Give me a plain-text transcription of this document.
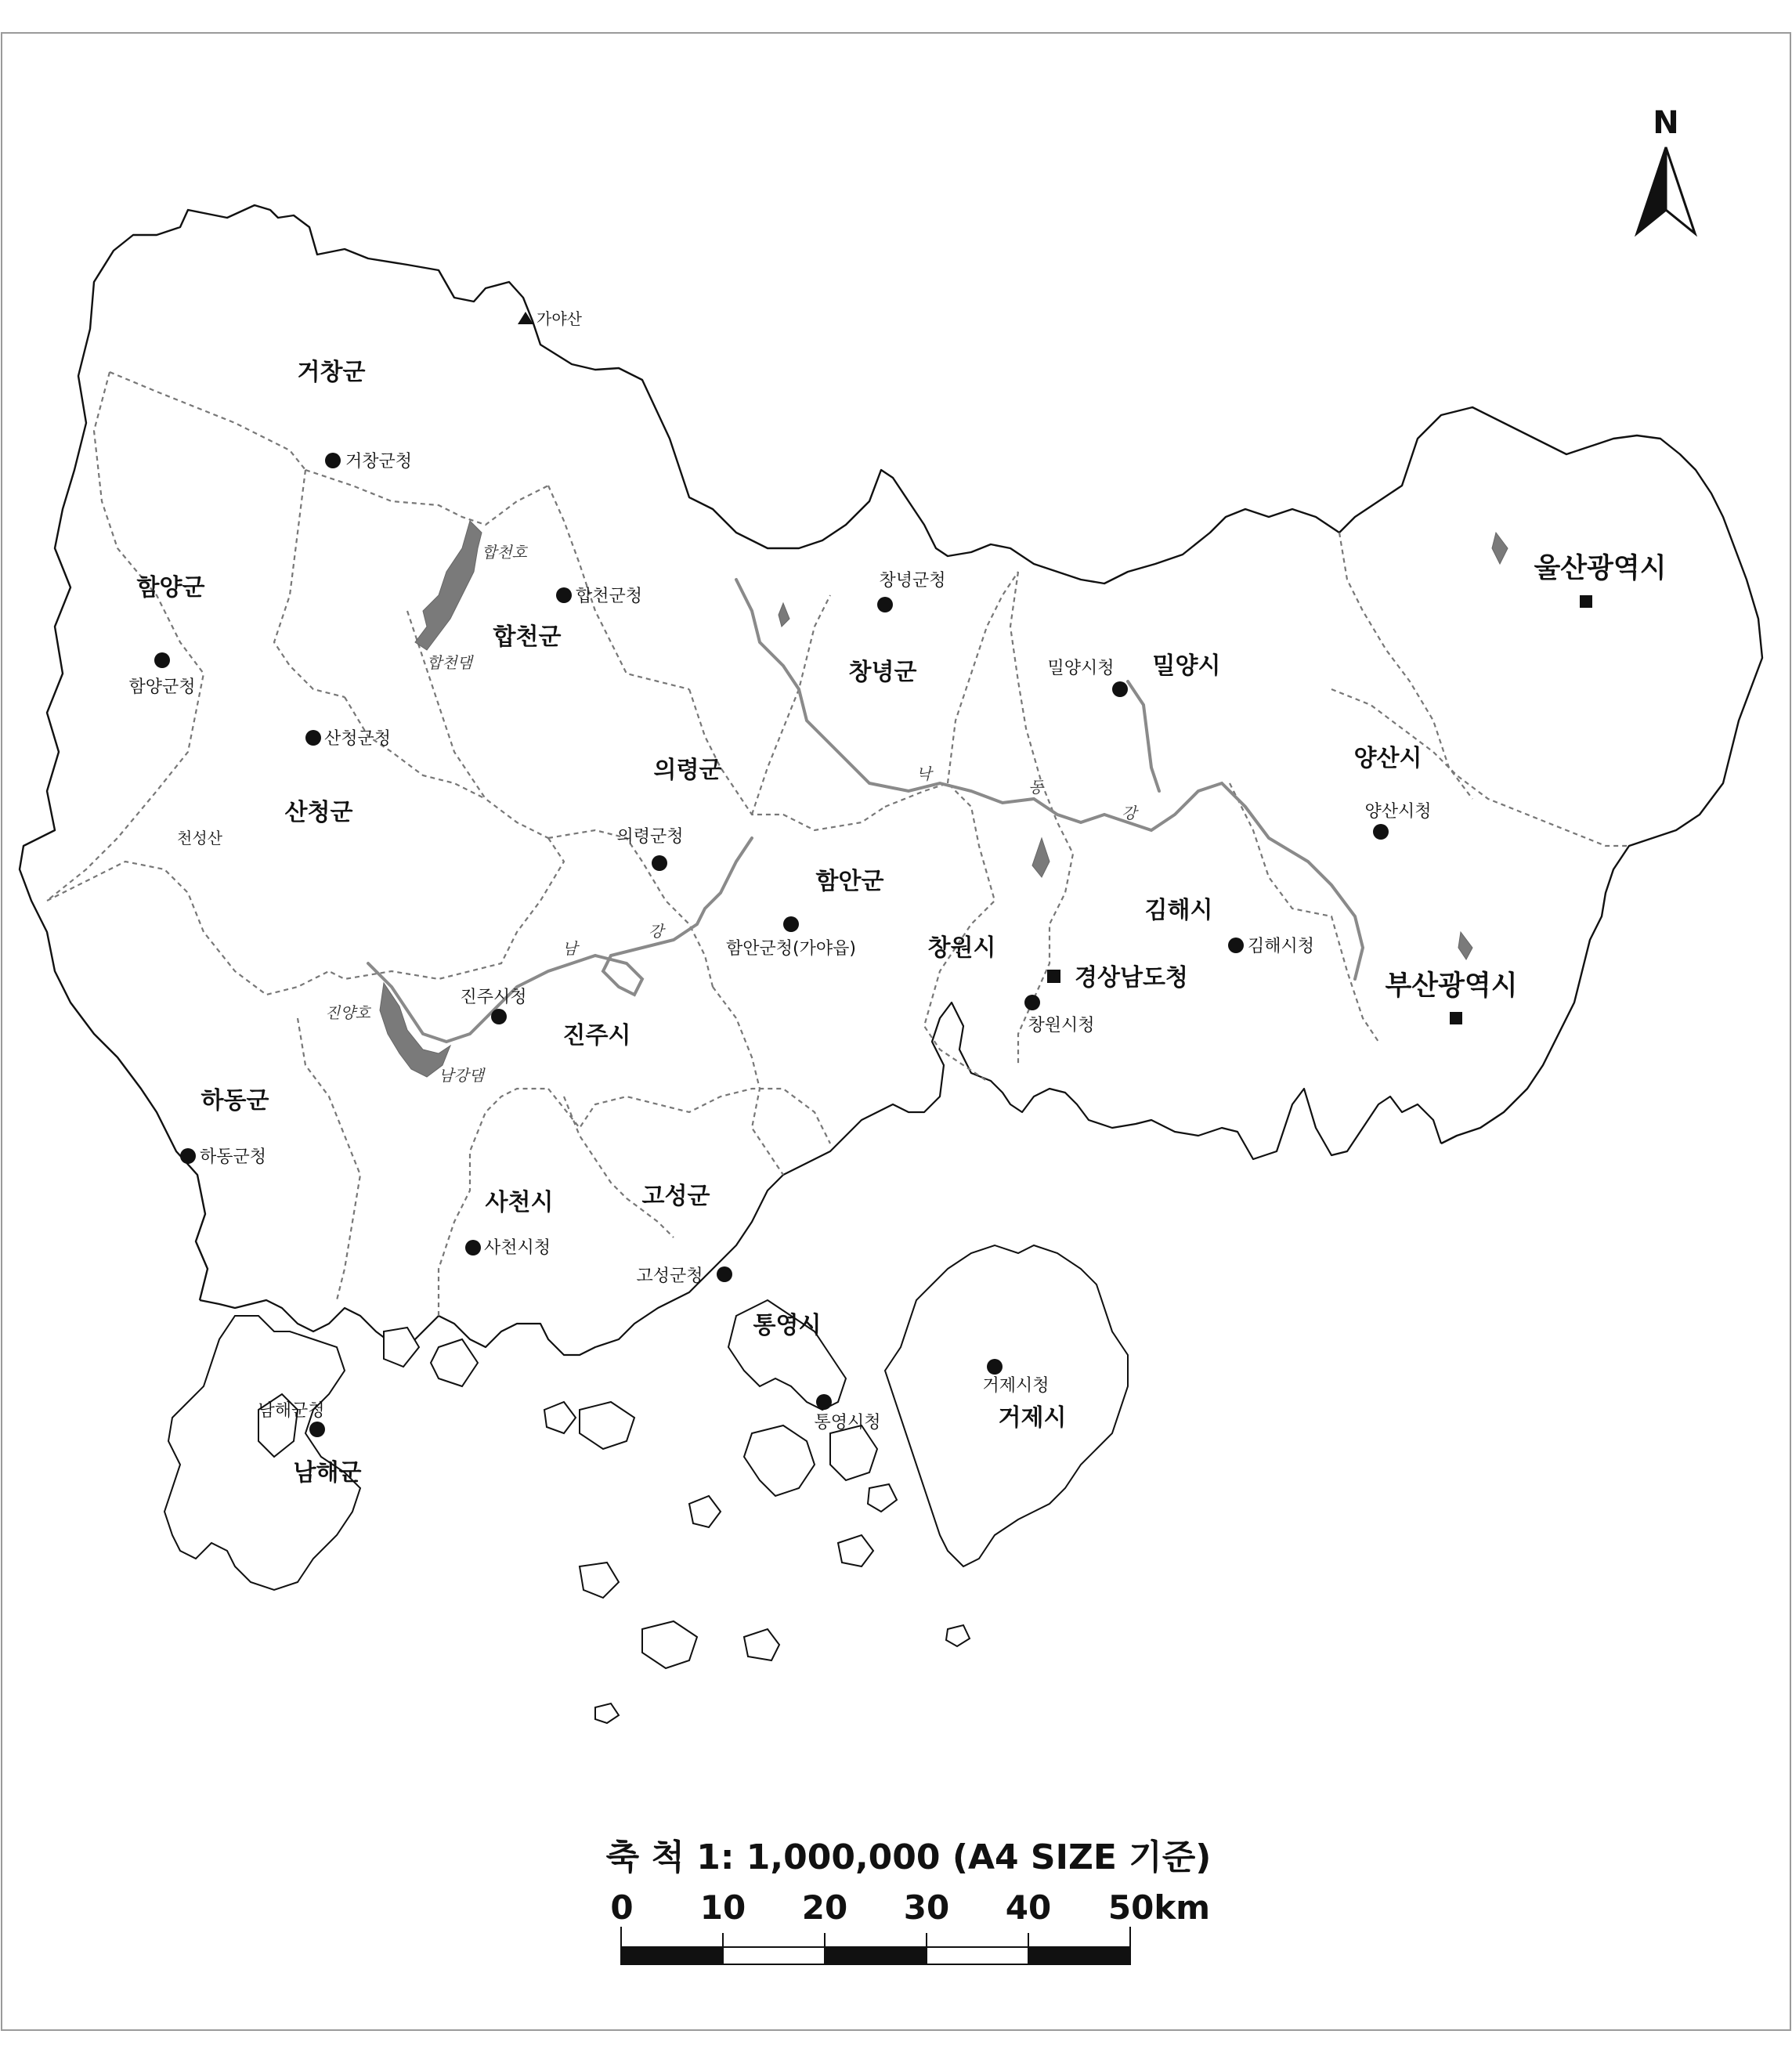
N
거창군
함양군
합천군
산청군
창녕군	밀양시
울산광역시
의령군	양산시
함안군
김해시
창원시
부산광역시
진주시
하동군
사천시	고성군
통영시
거제시
남해군
거창군청
함양군청
합천군청
산청군청
창녕군청
밀양시청
의령군청
양산시청
함안군청(가야읍)	김해시청
창원시청
경상남도청
진주시청
하동군청
사천시청
고성군청
통영시청
거제시청
남해군청
가야산
천성산
합천호
합천댐
진양호
남강댐
낙
동
강
남
강
축 척 1: 1,000,000 (A4 SIZE 기준)
0 10 20 30 40 50km
